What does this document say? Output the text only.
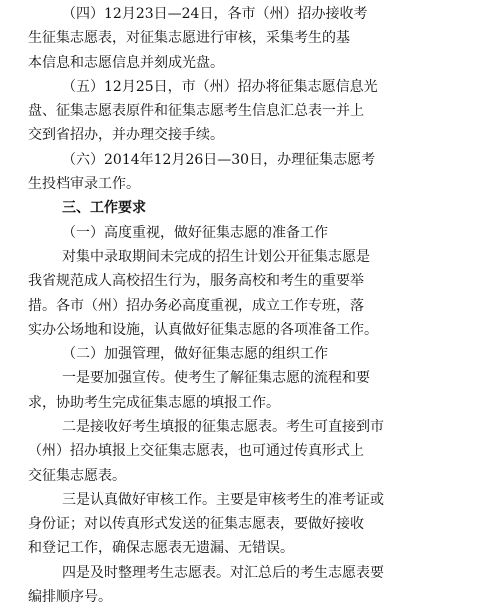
（四）12月23日—24日，各市（州）招办接收考
生征集志愿表，对征集志愿进行审核，采集考生的基
本信息和志愿信息并刻成光盘。
（五）12月25日，市（州）招办将征集志愿信息光
盘、征集志愿表原件和征集志愿考生信息汇总表一并上
交到省招办，并办理交接手续。
（六）2014年12月26日—30日，办理征集志愿考
生投档审录工作。
三、工作要求
（一）高度重视，做好征集志愿的准备工作
对集中录取期间未完成的招生计划公开征集志愿是
我省规范成人高校招生行为，服务高校和考生的重要举
措。各市（州）招办务必高度重视，成立工作专班，落
实办公场地和设施，认真做好征集志愿的各项准备工作。
（二）加强管理，做好征集志愿的组织工作
一是要加强宣传。使考生了解征集志愿的流程和要
求，协助考生完成征集志愿的填报工作。
二是接收好考生填报的征集志愿表。考生可直接到市
（州）招办填报上交征集志愿表，也可通过传真形式上
交征集志愿表。
三是认真做好审核工作。主要是审核考生的准考证或
身份证；对以传真形式发送的征集志愿表，要做好接收
和登记工作，确保志愿表无遗漏、无错误。
四是及时整理考生志愿表。对汇总后的考生志愿表要
编排顺序号。
